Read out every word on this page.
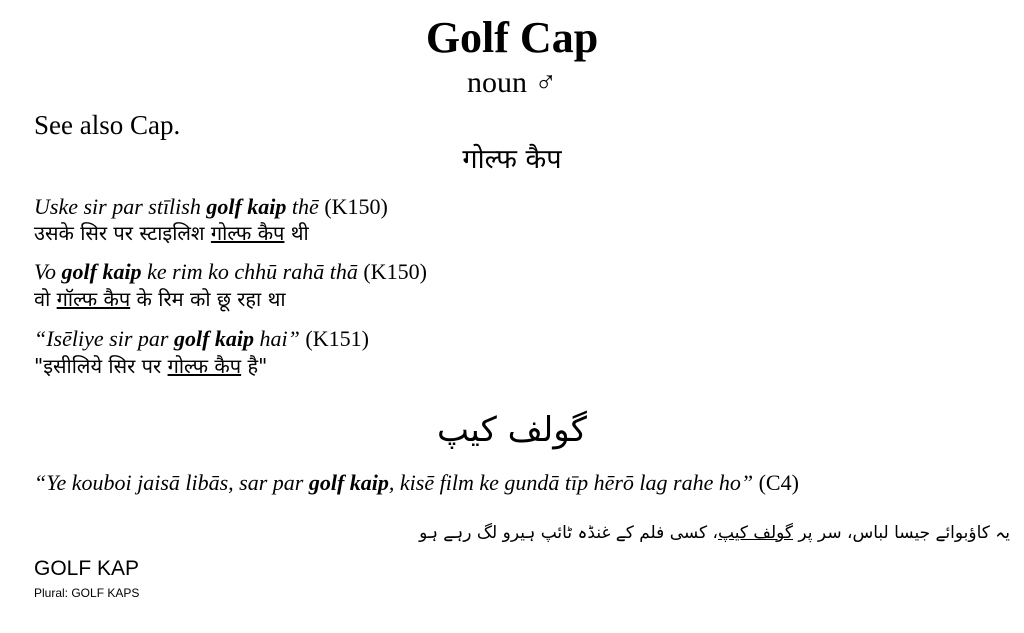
Golf Cap
noun ♂
See also Cap.
गोल्फ कैप
Uske sir par stīlish golf kaip thē (K150)
उसके सिर पर स्टाइलिश गोल्फ कैप थी
Vo golf kaip ke rim ko chhū rahā thā (K150)
वो गॉल्फ कैप के रिम को छू रहा था
“Isēliye sir par golf kaip hai” (K151)
"इसीलिये सिर पर गोल्फ कैप है"
گولف کیپ
“Ye kouboi jaisā libās, sar par golf kaip, kisē film ke gundā tīp hērō lag rahe ho” (C4)
یہ کاؤبوائے جیسا لباس، سر پر گولف کیپ، کسی فلم کے غنڈہ ٹائپ ہیرو لگ رہے ہو
GOLF KAP
Plural: GOLF KAPS
